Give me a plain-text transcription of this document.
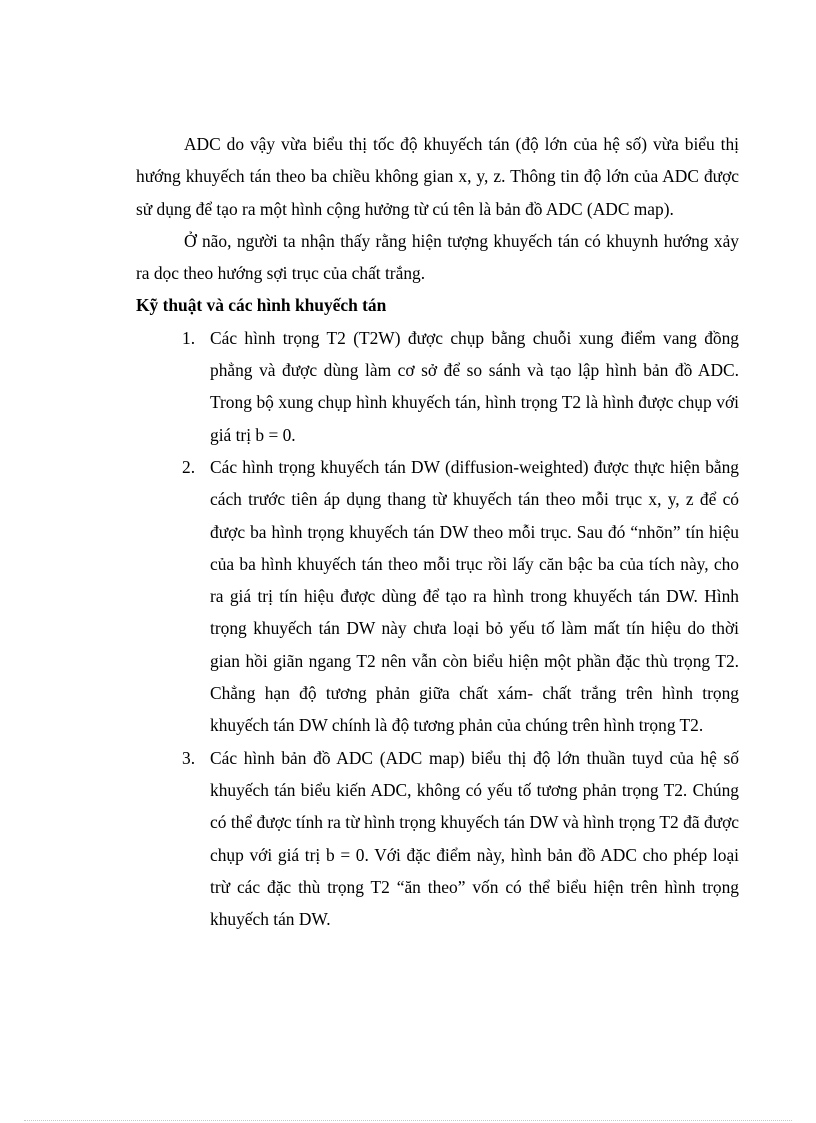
ADC do vậy vừa biểu thị tốc độ khuyếch tán (độ lớn của hệ số) vừa biểu thị hướng khuyếch tán theo ba chiều không gian x, y, z. Thông tin độ lớn của ADC được sử dụng để tạo ra một hình cộng hưởng từ cú tên là bản đồ ADC (ADC map).

Ở não, người ta nhận thấy rằng hiện tượng khuyếch tán có khuynh hướng xảy ra dọc theo hướng sợi trục của chất trắng.

Kỹ thuật và các hình khuyếch tán

1. Các hình trọng T2 (T2W) được chụp bằng chuỗi xung điểm vang đồng phẳng và được dùng làm cơ sở để so sánh và tạo lập hình bản đồ ADC. Trong bộ xung chụp hình khuyếch tán, hình trọng T2 là hình được chụp với giá trị b = 0.
2. Các hình trọng khuyếch tán DW (diffusion-weighted) được thực hiện bằng cách trước tiên áp dụng thang từ khuyếch tán theo mỗi trục x, y, z để có được ba hình trọng khuyếch tán DW theo mỗi trục. Sau đó “nhõn” tín hiệu của ba hình khuyếch tán theo mỗi trục rồi lấy căn bậc ba của tích này, cho ra giá trị tín hiệu được dùng để tạo ra hình trong khuyếch tán DW. Hình trọng khuyếch tán DW này chưa loại bỏ yếu tố làm mất tín hiệu do thời gian hồi giãn ngang T2 nên vẫn còn biểu hiện một phần đặc thù trọng T2. Chẳng hạn độ tương phản giữa chất xám- chất trắng trên hình trọng khuyếch tán DW chính là độ tương phản của chúng trên hình trọng T2.
3. Các hình bản đồ ADC (ADC map) biểu thị độ lớn thuần tuyd của hệ số khuyếch tán biểu kiến ADC, không có yếu tố tương phản trọng T2. Chúng có thể được tính ra từ hình trọng khuyếch tán DW và hình trọng T2 đã được chụp với giá trị b = 0. Với đặc điểm này, hình bản đồ ADC cho phép loại trừ các đặc thù trọng T2 “ăn theo” vốn có thể biểu hiện trên hình trọng khuyếch tán DW.
